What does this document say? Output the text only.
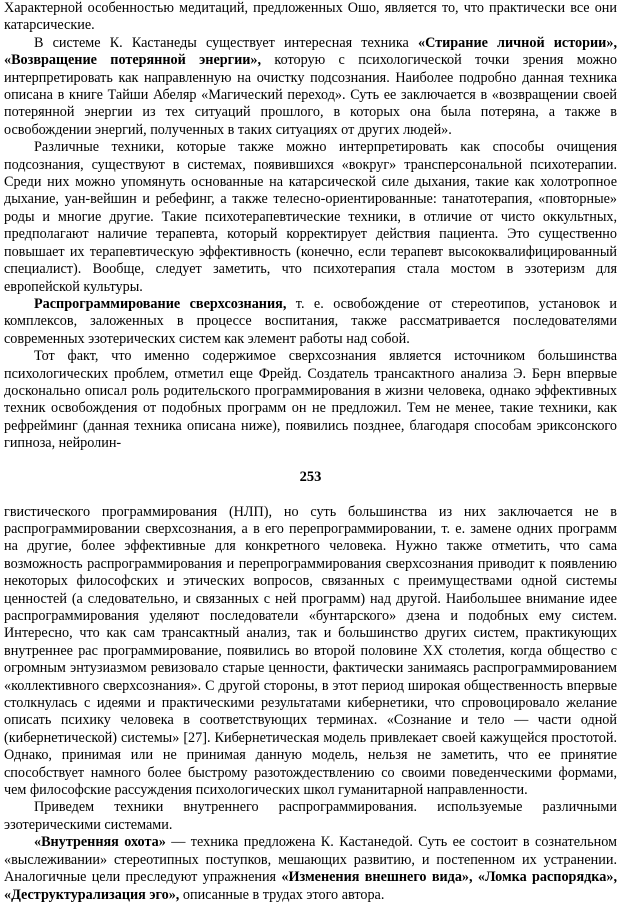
Характерной особенностью медитаций, предложенных Ошо, является то, что практически все они катарсические.

В системе К. Кастанеды существует интересная техника «Стирание личной истории», «Возвращение потерянной энергии», которую с психологической точки зрения можно интерпретировать как направленную на очистку подсознания. Наиболее подробно данная техника описана в книге Тайши Абеляр «Магический переход». Суть ее заключается в «возвращении своей потерянной энергии из тех ситуаций прошлого, в которых она была потеряна, а также в освобождении энергий, полученных в таких ситуациях от других людей».

Различные техники, которые также можно интерпретировать как способы очищения подсознания, существуют в системах, появившихся «вокруг» трансперсональной психотерапии. Среди них можно упомянуть основанные на катарсической силе дыхания, такие как холотропное дыхание, уан-вейшин и ребефинг, а также телесно-ориентированные: танатотерапия, «повторные» роды и многие другие. Такие психотерапевтические техники, в отличие от чисто оккультных, предполагают наличие терапевта, который корректирует действия пациента. Это существенно повышает их терапевтическую эффективность (конечно, если терапевт высококвалифицированный специалист). Вообще, следует заметить, что психотерапия стала мостом в эзотеризм для европейской культуры.

Распрограммирование сверхсознания, т. е. освобождение от стереотипов, установок и комплексов, заложенных в процессе воспитания, также рассматривается последователями современных эзотерических систем как элемент работы над собой.

Тот факт, что именно содержимое сверхсознания является источником большинства психологических проблем, отметил еще Фрейд. Создатель трансактного анализа Э. Берн впервые досконально описал роль родительского программирования в жизни человека, однако эффективных техник освобождения от подобных программ он не предложил. Тем не менее, такие техники, как рефрейминг (данная техника описана ниже), появились позднее, благодаря способам эриксонского гипноза, нейролин-

253

гвистического программирования (НЛП), но суть большинства из них заключается не в распрограммировании сверхсознания, а в его перепрограммировании, т. е. замене одних программ на другие, более эффективные для конкретного человека. Нужно также отметить, что сама возможность распрограммирования и перепрограммирования сверхсознания приводит к появлению некоторых философских и этических вопросов, связанных с преимуществами одной системы ценностей (а следовательно, и связанных с ней программ) над другой. Наибольшее внимание идее распрограммирования уделяют последователи «бунтарского» дзена и подобных ему систем. Интересно, что как сам трансактный анализ, так и большинство других систем, практикующих внутреннее рас программирование, появились во второй половине XX столетия, когда общество с огромным энтузиазмом ревизовало старые ценности, фактически занимаясь распрограммированием «коллективного сверхсознания». С другой стороны, в этот период широкая общественность впервые столкнулась с идеями и практическими результатами кибернетики, что спровоцировало желание описать психику человека в соответствующих терминах. «Сознание и тело — части одной (кибернетической) системы» [27]. Кибернетическая модель привлекает своей кажущейся простотой. Однако, принимая или не принимая данную модель, нельзя не заметить, что ее принятие способствует намного более быстрому разотождествлению со своими поведенческими формами, чем философские рассуждения психологических школ гуманитарной направленности.

Приведем техники внутреннего распрограммирования. используемые различными эзотерическими системами.

«Внутренняя охота» — техника предложена К. Кастанедой. Суть ее состоит в сознательном «выслеживании» стереотипных поступков, мешающих развитию, и постепенном их устранении. Аналогичные цели преследуют упражнения «Изменения внешнего вида», «Ломка распорядка», «Деструктурализация эго», описанные в трудах этого автора.
